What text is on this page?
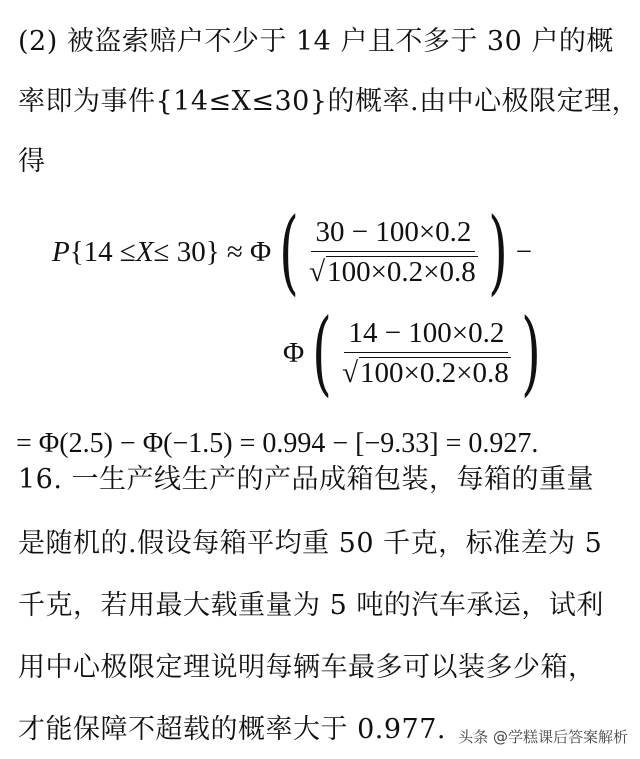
(2) 被盗索赔户不少于 14 户且不多于 30 户的概
率即为事件{14≤X≤30}的概率.由中心极限定理，
得
P {14 ≤ X ≤ 30} ≈ Φ ( $\frac{30 - 100\times 0.2}{√100\times 0.2\times 0.8}$ ) −
Φ ( $\frac{14 - 100\times 0.2}{√100\times 0.2\times 0.8}$ )
= Φ(2.5) − Φ(−1.5) = 0.994 − [−9.33] = 0.927.
16. 一生产线生产的产品成箱包装，每箱的重量
是随机的.假设每箱平均重 50 千克，标准差为 5
千克，若用最大载重量为 5 吨的汽车承运，试利
用中心极限定理说明每辆车最多可以装多少箱，
才能保障不超载的概率大于 0.977. 头条 @学糕课后答案解析
